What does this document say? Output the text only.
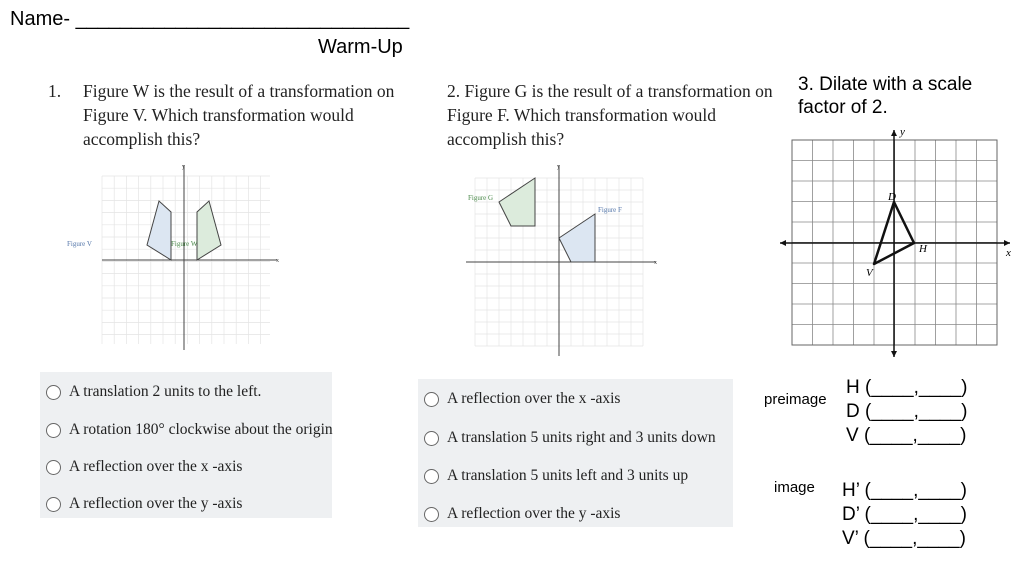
Name- ______________________________
Warm-Up
1. Figure W is the result of a transformation on Figure V. Which transformation would accomplish this?
Figure V	Figure W
x
y
A translation 2 units to the left.
A rotation 180° clockwise about the origin
A reflection over the x -axis
A reflection over the y -axis
2. Figure G is the result of a transformation on Figure F. Which transformation would accomplish this?
Figure G
Figure F
x
y
A reflection over the x -axis
A translation 5 units right and 3 units down
A translation 5 units left and 3 units up
A reflection over the y -axis
3. Dilate with a scale factor of 2.
D
H
V
x
y
preimage
H (____,____)
D (____,____)
V (____,____)
image H’ (____,____)
D’ (____,____)
V’ (____,____)
